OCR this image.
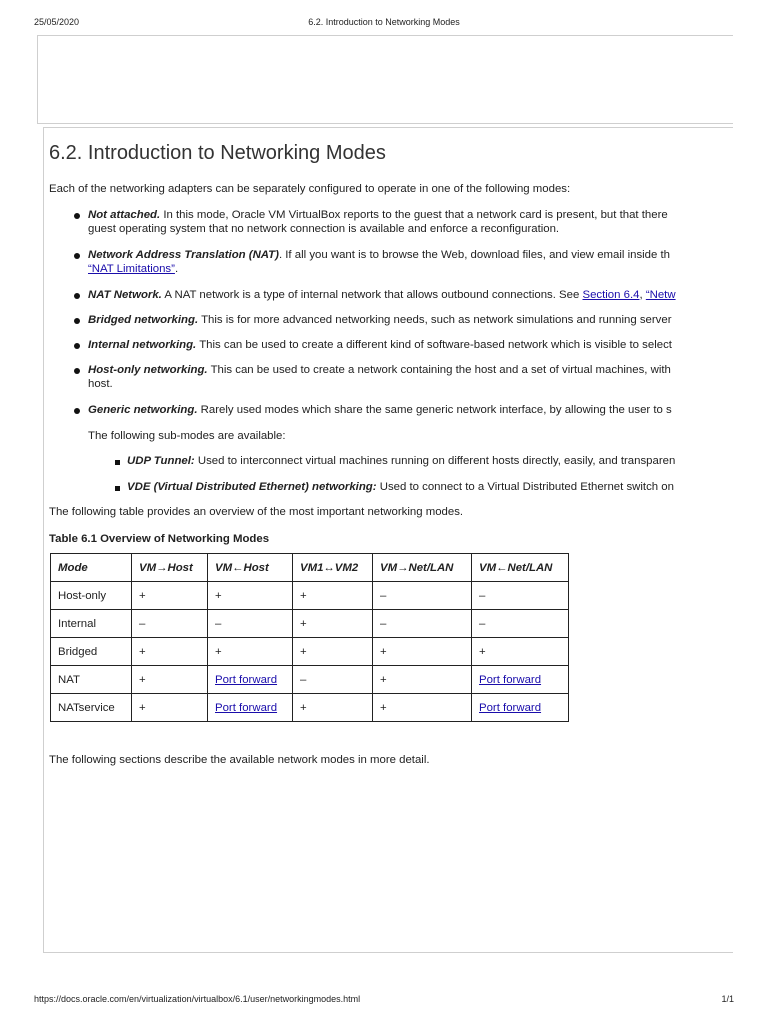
25/05/2020	6.2. Introduction to Networking Modes
6.2. Introduction to Networking Modes

Each of the networking adapters can be separately configured to operate in one of the following modes:

Not attached. In this mode, Oracle VM VirtualBox reports to the guest that a network card is present, but that there
guest operating system that no network connection is available and enforce a reconfiguration.
Network Address Translation (NAT). If all you want is to browse the Web, download files, and view email inside th
“NAT Limitations”.
NAT Network. A NAT network is a type of internal network that allows outbound connections. See Section 6.4, “Netw
Bridged networking. This is for more advanced networking needs, such as network simulations and running server
Internal networking. This can be used to create a different kind of software-based network which is visible to select
Host-only networking. This can be used to create a network containing the host and a set of virtual machines, with
host.
Generic networking. Rarely used modes which share the same generic network interface, by allowing the user to s
The following sub-modes are available:
UDP Tunnel: Used to interconnect virtual machines running on different hosts directly, easily, and transparen
VDE (Virtual Distributed Ethernet) networking: Used to connect to a Virtual Distributed Ethernet switch on

The following table provides an overview of the most important networking modes.

Table 6.1 Overview of Networking Modes
Mode	VM→Host	VM←Host	VM1↔VM2	VM→Net/LAN	VM←Net/LAN
Host-only	+	+	+	–	–
Internal	–	–	+	–	–
Bridged	+	+	+	+	+
NAT	+	Port forward	–	+	Port forward
NATservice	+	Port forward	+	+	Port forward

The following sections describe the available network modes in more detail.

https://docs.oracle.com/en/virtualization/virtualbox/6.1/user/networkingmodes.html	1/1
